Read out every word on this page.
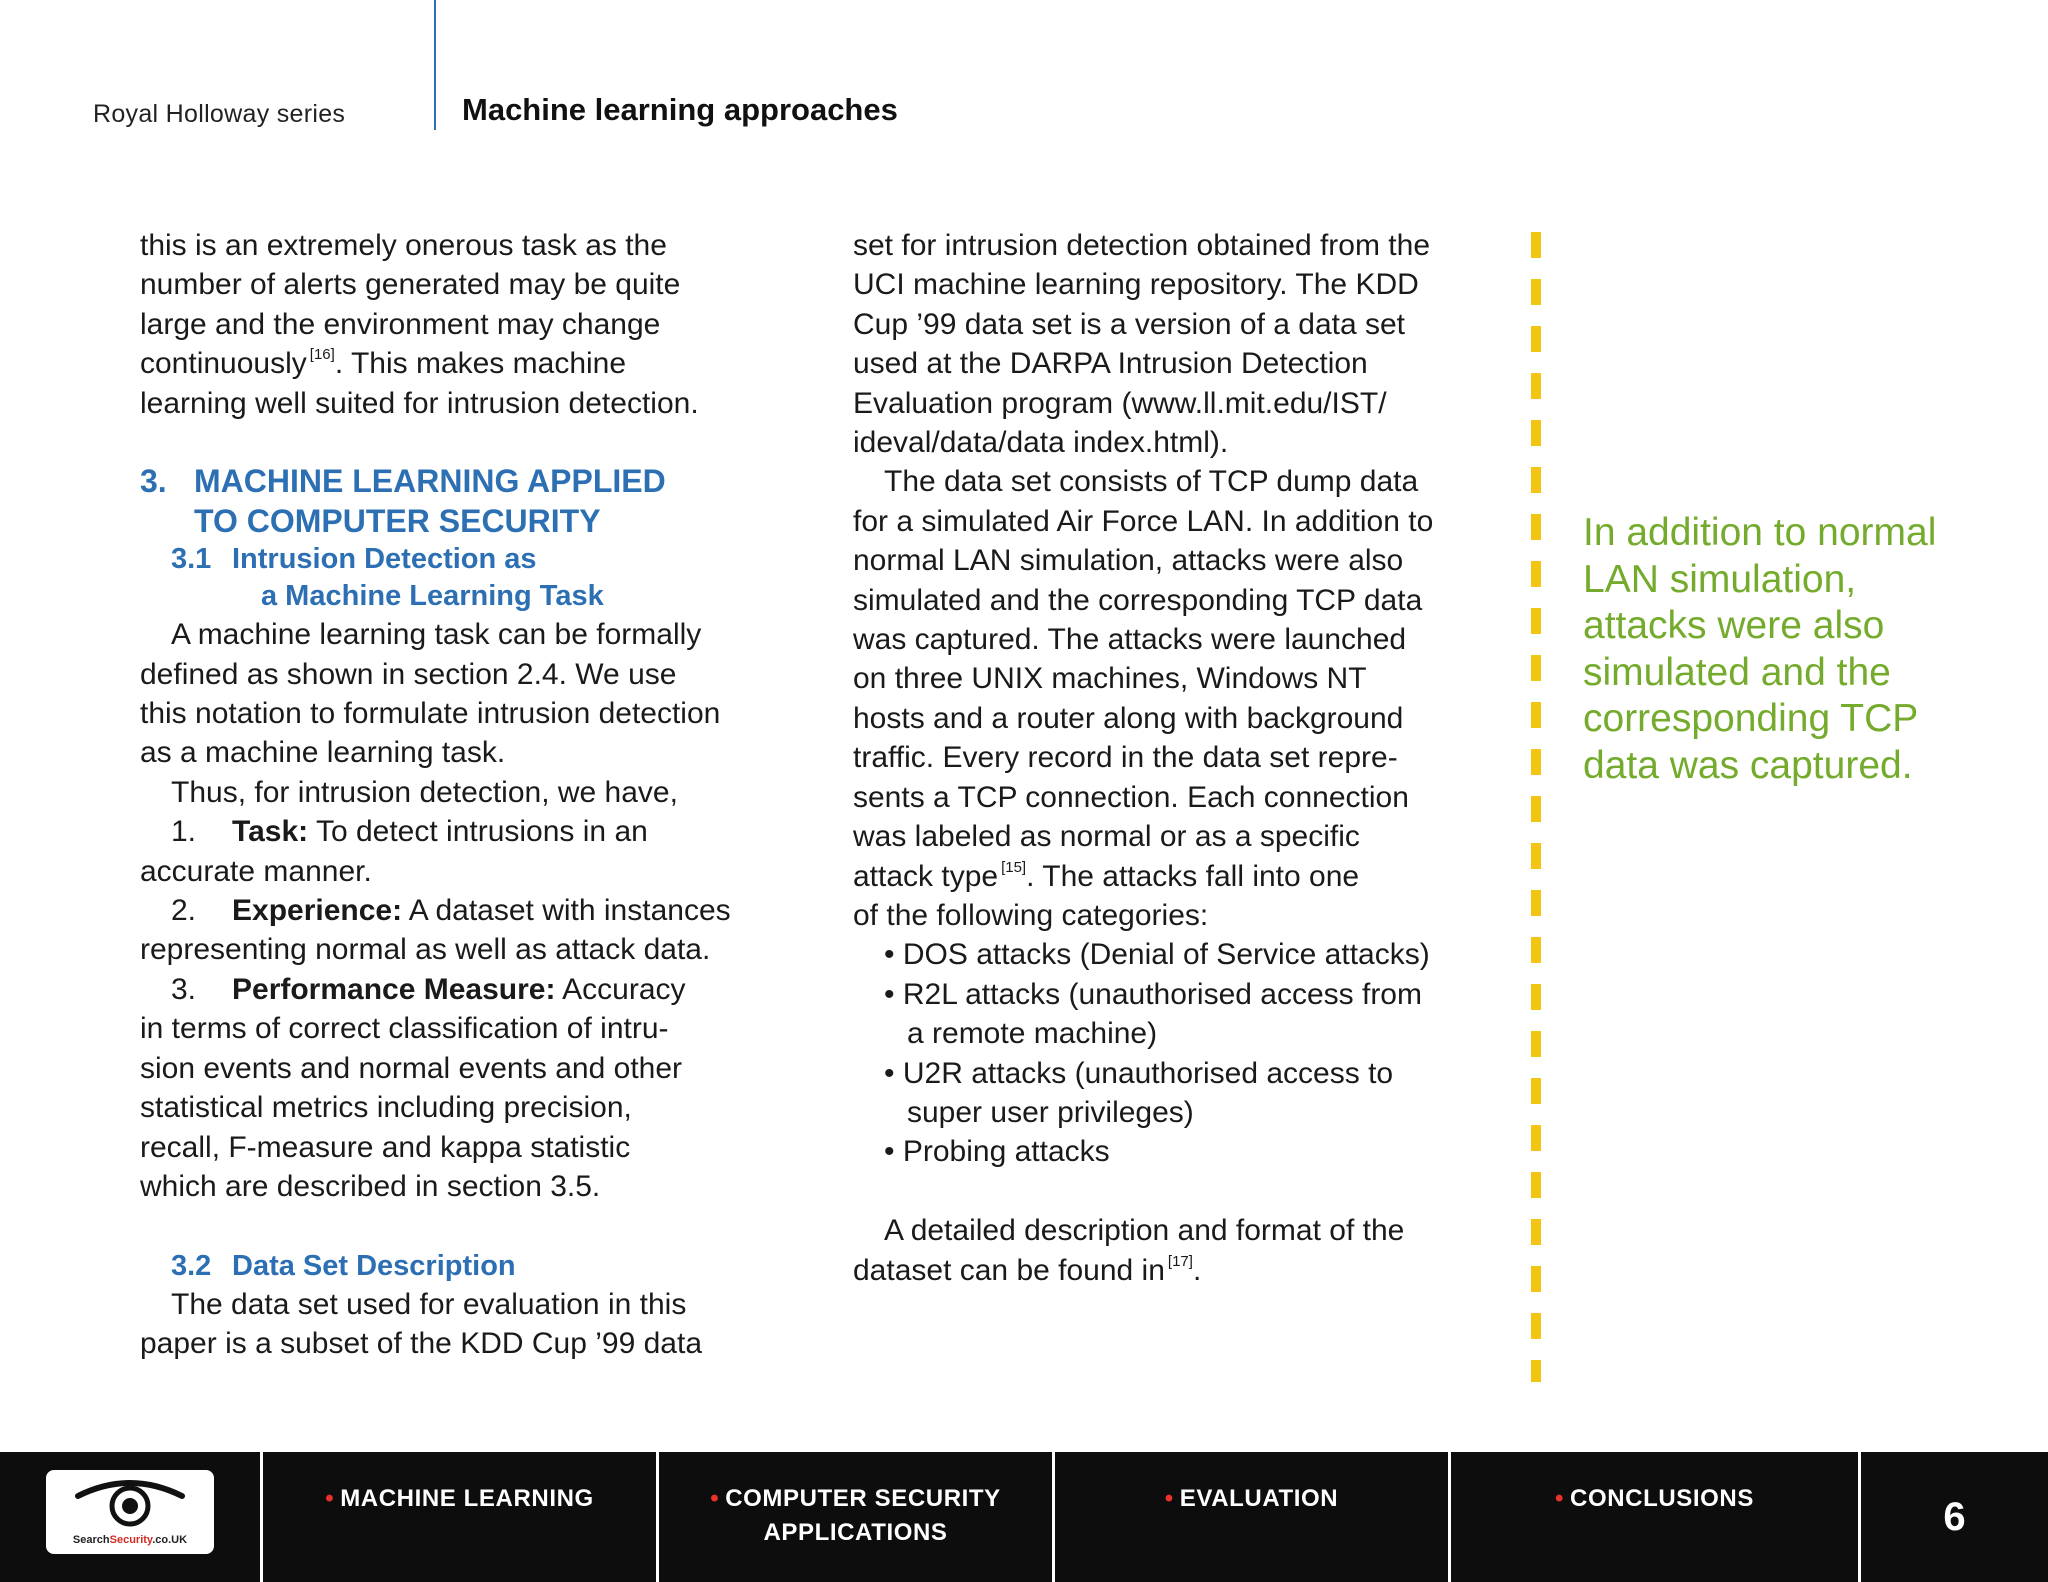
Royal Holloway series	Machine learning approaches

this is an extremely onerous task as the

number of alerts generated may be quite

large and the environment may change

continuously [16]. This makes machine

learning well suited for intrusion detection.

3. MACHINE LEARNING APPLIED
TO COMPUTER SECURITY
3.1 Intrusion Detection as
a Machine Learning Task

A machine learning task can be formally

defined as shown in section 2.4. We use

this notation to formulate intrusion detection

as a machine learning task.

Thus, for intrusion detection, we have,

1. Task: To detect intrusions in an

accurate manner.

2. Experience: A dataset with instances

representing normal as well as attack data.

3. Performance Measure: Accuracy

in terms of correct classification of intru-

sion events and normal events and other

statistical metrics including precision,

recall, F-measure and kappa statistic

which are described in section 3.5.

3.2 Data Set Description

The data set used for evaluation in this

paper is a subset of the KDD Cup ’99 data

set for intrusion detection obtained from the

UCI machine learning repository. The KDD

Cup ’99 data set is a version of a data set

used at the DARPA Intrusion Detection

Evaluation program (www.ll.mit.edu/IST/

ideval/data/data index.html).

The data set consists of TCP dump data

for a simulated Air Force LAN. In addition to

normal LAN simulation, attacks were also

simulated and the corresponding TCP data

was captured. The attacks were launched

on three UNIX machines, Windows NT

hosts and a router along with background

traffic. Every record in the data set repre-

sents a TCP connection. Each connection

was labeled as normal or as a specific

attack type [15]. The attacks fall into one

of the following categories:

• DOS attacks (Denial of Service attacks)

• R2L attacks (unauthorised access from

a remote machine)

• U2R attacks (unauthorised access to

super user privileges)

• Probing attacks

A detailed description and format of the

dataset can be found in [17].

In addition to normal LAN simulation, attacks were also simulated and the corresponding TCP data was captured.
SearchSecurity.co.UK
• MACHINE LEARNING	• COMPUTER SECURITY
APPLICATIONS
• EVALUATION	• CONCLUSIONS	6
